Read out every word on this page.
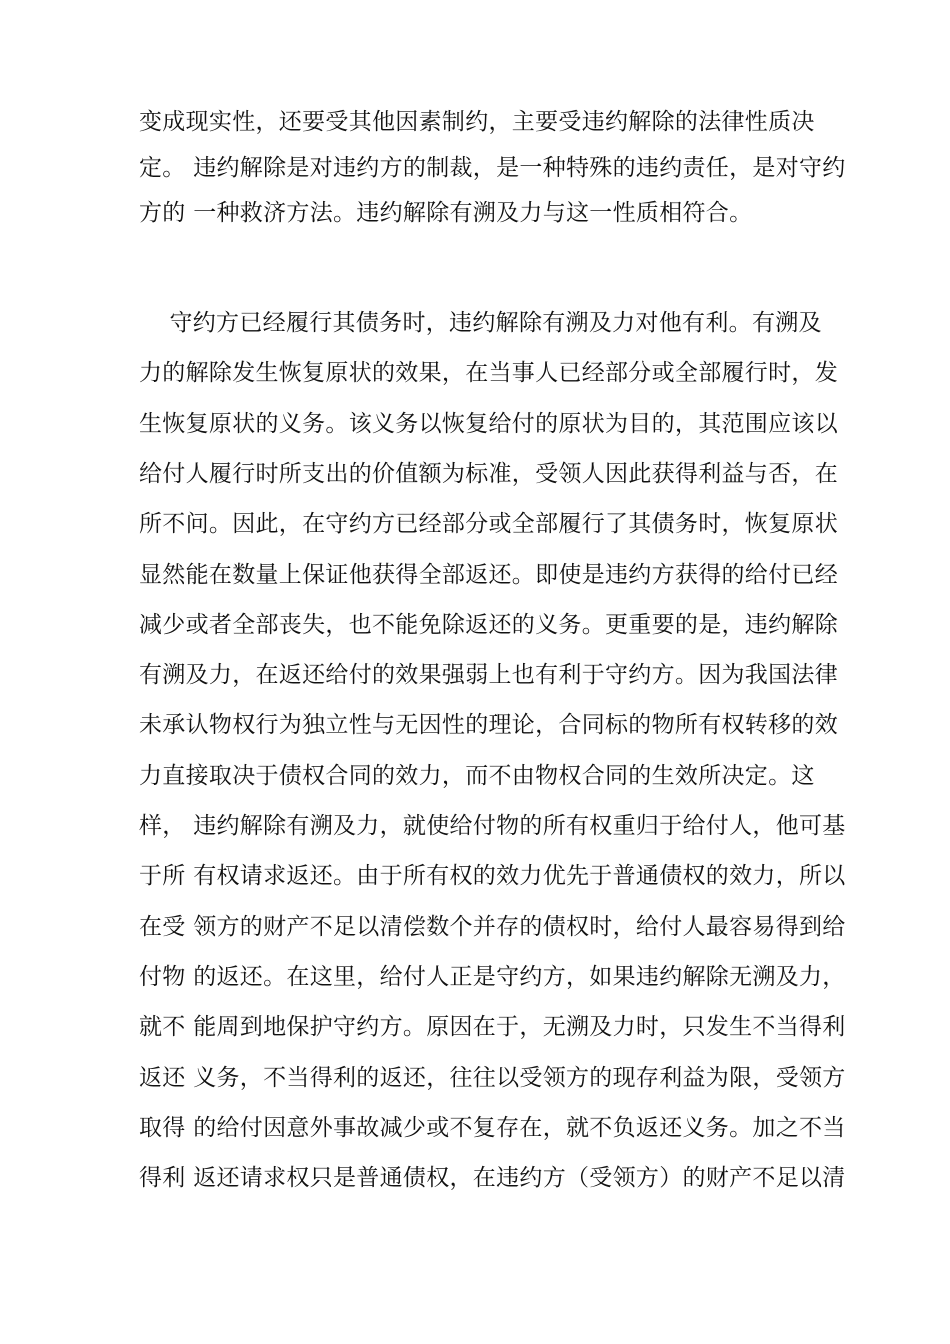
变成现实性，还要受其他因素制约，主要受违约解除的法律性质决
定。 违约解除是对违约方的制裁，是一种特殊的违约责任，是对守约
方的 一种救济方法。违约解除有溯及力与这一性质相符合。
守约方已经履行其债务时，违约解除有溯及力对他有利。有溯及
力的解除发生恢复原状的效果，在当事人已经部分或全部履行时，发
生恢复原状的义务。该义务以恢复给付的原状为目的，其范围应该以
给付人履行时所支出的价值额为标准，受领人因此获得利益与否，在
所不问。因此，在守约方已经部分或全部履行了其债务时，恢复原状
显然能在数量上保证他获得全部返还。即使是违约方获得的给付已经
减少或者全部丧失，也不能免除返还的义务。更重要的是，违约解除
有溯及力，在返还给付的效果强弱上也有利于守约方。因为我国法律
未承认物权行为独立性与无因性的理论，合同标的物所有权转移的效
力直接取决于债权合同的效力，而不由物权合同的生效所决定。这
样， 违约解除有溯及力，就使给付物的所有权重归于给付人，他可基
于所 有权请求返还。由于所有权的效力优先于普通债权的效力，所以
在受 领方的财产不足以清偿数个并存的债权时，给付人最容易得到给
付物 的返还。在这里，给付人正是守约方，如果违约解除无溯及力，
就不 能周到地保护守约方。原因在于，无溯及力时，只发生不当得利
返还 义务，不当得利的返还，往往以受领方的现存利益为限，受领方
取得 的给付因意外事故减少或不复存在，就不负返还义务。加之不当
得利 返还请求权只是普通债权，在违约方（受领方）的财产不足以清
